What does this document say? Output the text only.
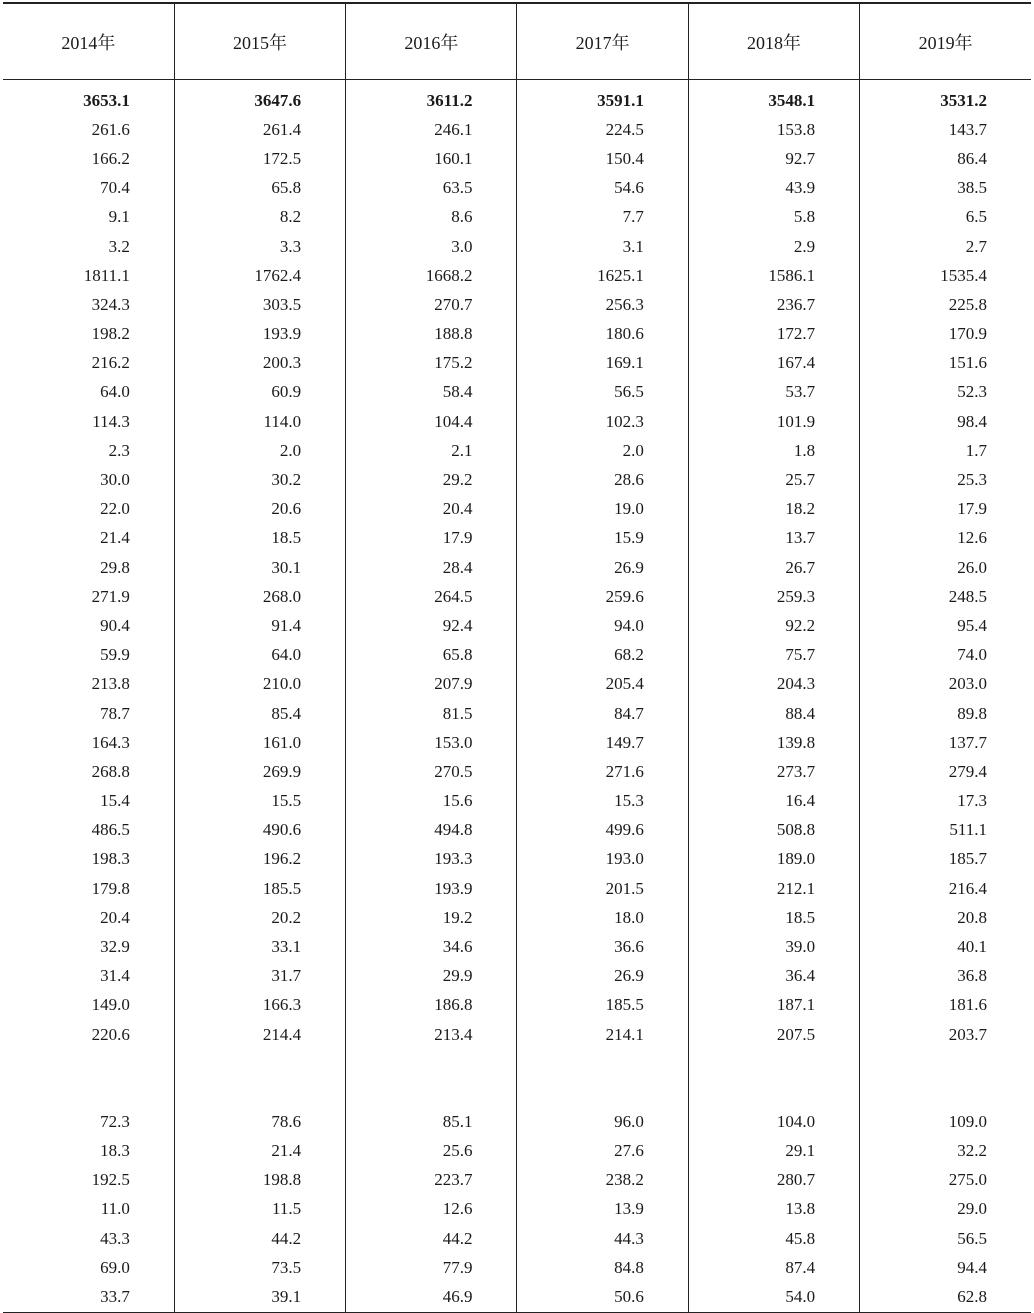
2014年	2015年	2016年	2017年	2018年	2019年
3653.1	3647.6	3611.2	3591.1	3548.1	3531.2
261.6	261.4	246.1	224.5	153.8	143.7
166.2	172.5	160.1	150.4	92.7	86.4
70.4	65.8	63.5	54.6	43.9	38.5
9.1	8.2	8.6	7.7	5.8	6.5
3.2	3.3	3.0	3.1	2.9	2.7
1811.1	1762.4	1668.2	1625.1	1586.1	1535.4
324.3	303.5	270.7	256.3	236.7	225.8
198.2	193.9	188.8	180.6	172.7	170.9
216.2	200.3	175.2	169.1	167.4	151.6
64.0	60.9	58.4	56.5	53.7	52.3
114.3	114.0	104.4	102.3	101.9	98.4
2.3	2.0	2.1	2.0	1.8	1.7
30.0	30.2	29.2	28.6	25.7	25.3
22.0	20.6	20.4	19.0	18.2	17.9
21.4	18.5	17.9	15.9	13.7	12.6
29.8	30.1	28.4	26.9	26.7	26.0
271.9	268.0	264.5	259.6	259.3	248.5
90.4	91.4	92.4	94.0	92.2	95.4
59.9	64.0	65.8	68.2	75.7	74.0
213.8	210.0	207.9	205.4	204.3	203.0
78.7	85.4	81.5	84.7	88.4	89.8
164.3	161.0	153.0	149.7	139.8	137.7
268.8	269.9	270.5	271.6	273.7	279.4
15.4	15.5	15.6	15.3	16.4	17.3
486.5	490.6	494.8	499.6	508.8	511.1
198.3	196.2	193.3	193.0	189.0	185.7
179.8	185.5	193.9	201.5	212.1	216.4
20.4	20.2	19.2	18.0	18.5	20.8
32.9	33.1	34.6	36.6	39.0	40.1
31.4	31.7	29.9	26.9	36.4	36.8
149.0	166.3	186.8	185.5	187.1	181.6
220.6	214.4	213.4	214.1	207.5	203.7

72.3	78.6	85.1	96.0	104.0	109.0
18.3	21.4	25.6	27.6	29.1	32.2
192.5	198.8	223.7	238.2	280.7	275.0
11.0	11.5	12.6	13.9	13.8	29.0
43.3	44.2	44.2	44.3	45.8	56.5
69.0	73.5	77.9	84.8	87.4	94.4
33.7	39.1	46.9	50.6	54.0	62.8
